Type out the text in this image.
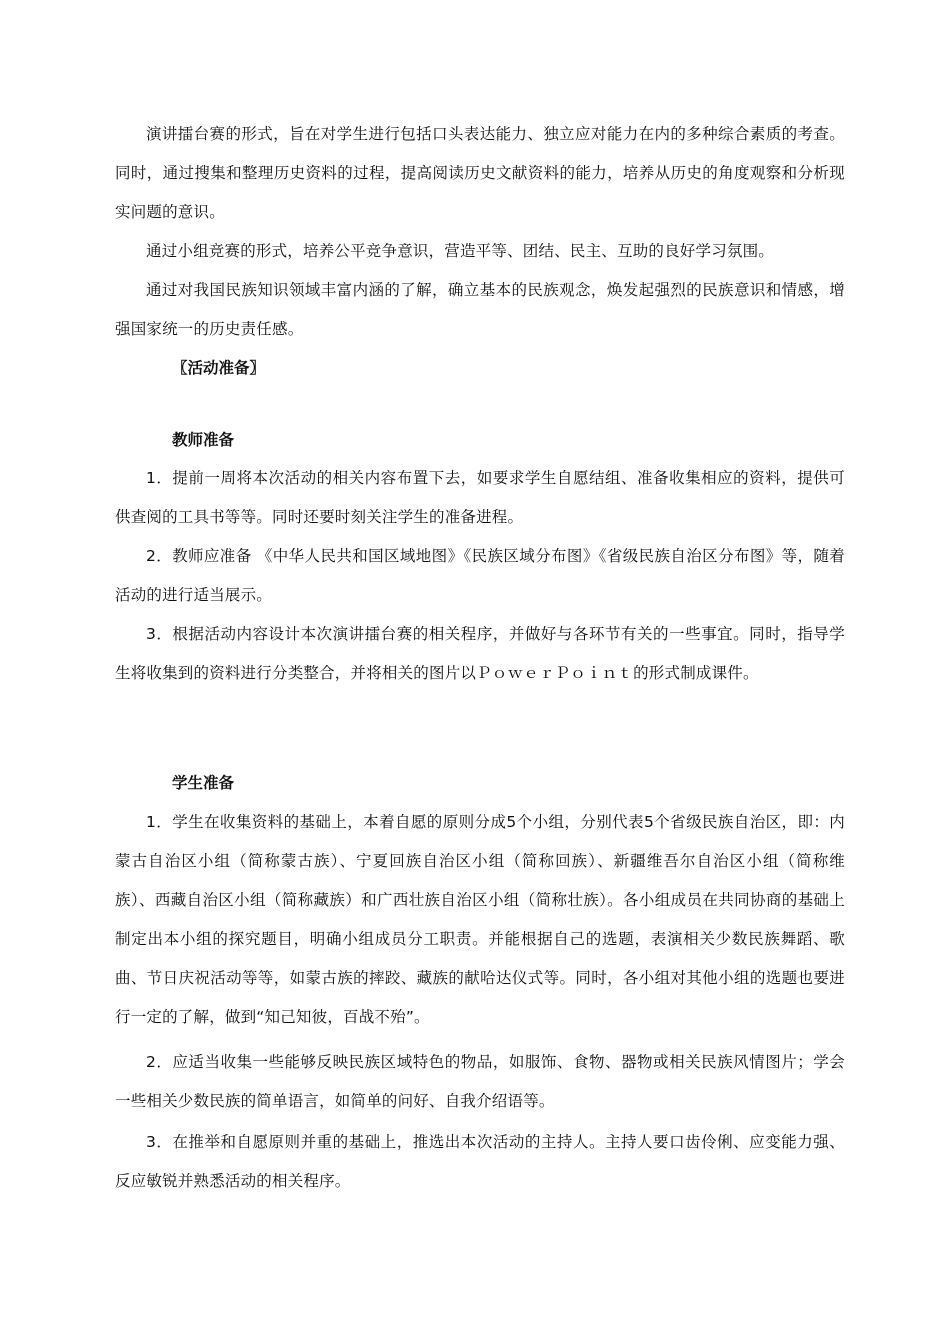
演讲擂台赛的形式，旨在对学生进行包括口头表达能力、独立应对能力在内的多种综合素质的考查。同时，通过搜集和整理历史资料的过程，提高阅读历史文献资料的能力，培养从历史的角度观察和分析现实问题的意识。

通过小组竞赛的形式，培养公平竞争意识，营造平等、团结、民主、互助的良好学习氛围。

通过对我国民族知识领域丰富内涵的了解，确立基本的民族观念，焕发起强烈的民族意识和情感，增强国家统一的历史责任感。

〖活动准备〗
教师准备

1．提前一周将本次活动的相关内容布置下去，如要求学生自愿结组、准备收集相应的资料，提供可供查阅的工具书等等。同时还要时刻关注学生的准备进程。

2．教师应准备 《中华人民共和国区域地图》《民族区域分布图》《省级民族自治区分布图》等，随着活动的进行适当展示。

3．根据活动内容设计本次演讲擂台赛的相关程序，并做好与各环节有关的一些事宜。同时，指导学生将收集到的资料进行分类整合，并将相关的图片以ＰｏｗｅｒＰｏｉｎｔ的形式制成课件。

学生准备

1．学生在收集资料的基础上，本着自愿的原则分成5个小组，分别代表5个省级民族自治区，即：内蒙古自治区小组（简称蒙古族）、宁夏回族自治区小组（简称回族）、新疆维吾尔自治区小组（简称维族）、西藏自治区小组（简称藏族）和广西壮族自治区小组（简称壮族）。各小组成员在共同协商的基础上制定出本小组的探究题目，明确小组成员分工职责。并能根据自己的选题，表演相关少数民族舞蹈、歌曲、节日庆祝活动等等，如蒙古族的摔跤、藏族的献哈达仪式等。同时，各小组对其他小组的选题也要进行一定的了解，做到“知己知彼，百战不殆”。

2．应适当收集一些能够反映民族区域特色的物品，如服饰、食物、器物或相关民族风情图片；学会一些相关少数民族的简单语言，如简单的问好、自我介绍语等。

3．在推举和自愿原则并重的基础上，推选出本次活动的主持人。主持人要口齿伶俐、应变能力强、反应敏锐并熟悉活动的相关程序。
